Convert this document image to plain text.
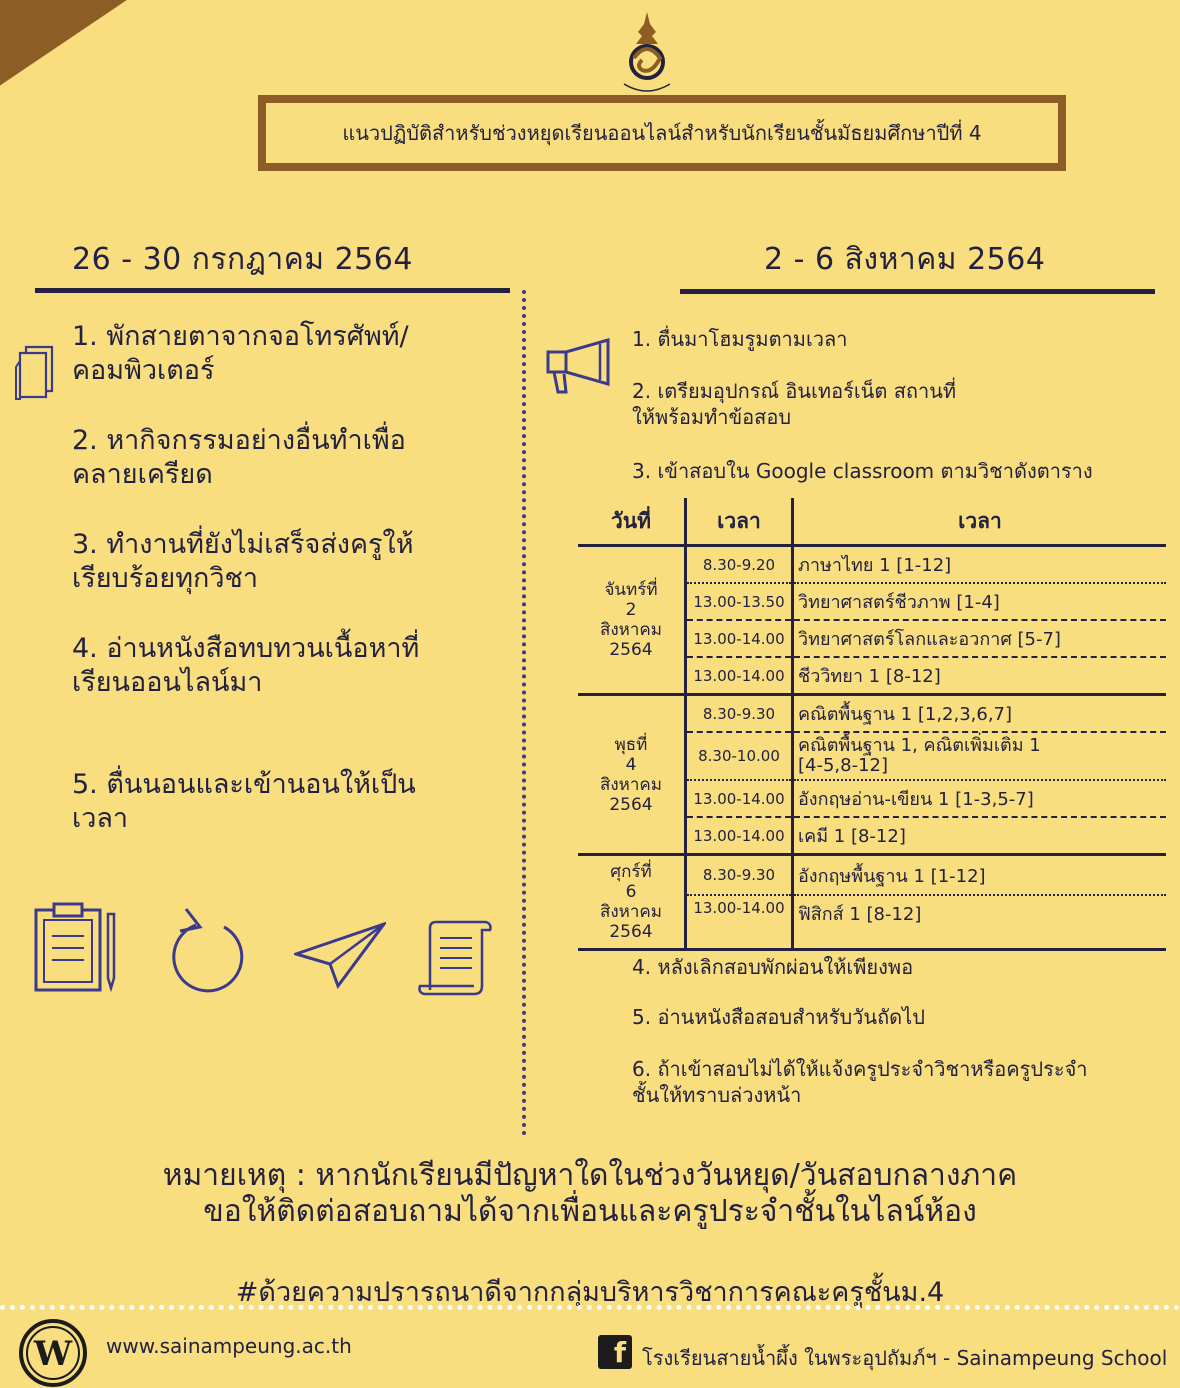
แนวปฏิบัติสำหรับช่วงหยุดเรียนออนไลน์สำหรับนักเรียนชั้นมัธยมศึกษาปีที่ 4
26 - 30 กรกฎาคม 2564
1. พักสายตาจากจอโทรศัพท์/
คอมพิวเตอร์
2. หากิจกรรมอย่างอื่นทำเพื่อ
คลายเครียด
3. ทำงานที่ยังไม่เสร็จส่งครูให้
เรียบร้อยทุกวิชา
4. อ่านหนังสือทบทวนเนื้อหาที่
เรียนออนไลน์มา
5. ตื่นนอนและเข้านอนให้เป็น
เวลา
2 - 6 สิงหาคม 2564
1. ตื่นมาโฮมรูมตามเวลา
2. เตรียมอุปกรณ์ อินเทอร์เน็ต สถานที่
ให้พร้อมทำข้อสอบ
3. เข้าสอบใน Google classroom ตามวิชาดังตาราง
วันที่	เวลา	เวลา
จันทร์ที่
2
สิงหาคม
2564	8.30-9.20	ภาษาไทย 1 [1-12]
	13.00-13.50	วิทยาศาสตร์ชีวภาพ [1-4]
	13.00-14.00	วิทยาศาสตร์โลกและอวกาศ [5-7]
	13.00-14.00	ชีววิทยา 1 [8-12]
พุธที่
4
สิงหาคม
2564	8.30-9.30	คณิตพื้นฐาน 1 [1,2,3,6,7]
	8.30-10.00	คณิตพื้นฐาน 1, คณิตเพิ่มเติม 1
[4-5,8-12]
	13.00-14.00	อังกฤษอ่าน-เขียน 1 [1-3,5-7]
	13.00-14.00	เคมี 1 [8-12]
ศุกร์ที่
6
สิงหาคม
2564	8.30-9.30	อังกฤษพื้นฐาน 1 [1-12]
	13.00-14.00	ฟิสิกส์ 1 [8-12]
4. หลังเลิกสอบพักผ่อนให้เพียงพอ
5. อ่านหนังสือสอบสำหรับวันถัดไป
6. ถ้าเข้าสอบไม่ได้ให้แจ้งครูประจำวิชาหรือครูประจำ
ชั้นให้ทราบล่วงหน้า
หมายเหตุ : หากนักเรียนมีปัญหาใดในช่วงวันหยุด/วันสอบกลางภาค
ขอให้ติดต่อสอบถามได้จากเพื่อนและครูประจำชั้นในไลน์ห้อง
#ด้วยความปรารถนาดีจากกลุ่มบริหารวิชาการคณะครูชั้นม.4
W www.sainampeung.ac.th	f โรงเรียนสายน้ำผึ้ง ในพระอุปถัมภ์ฯ - Sainampeung School
